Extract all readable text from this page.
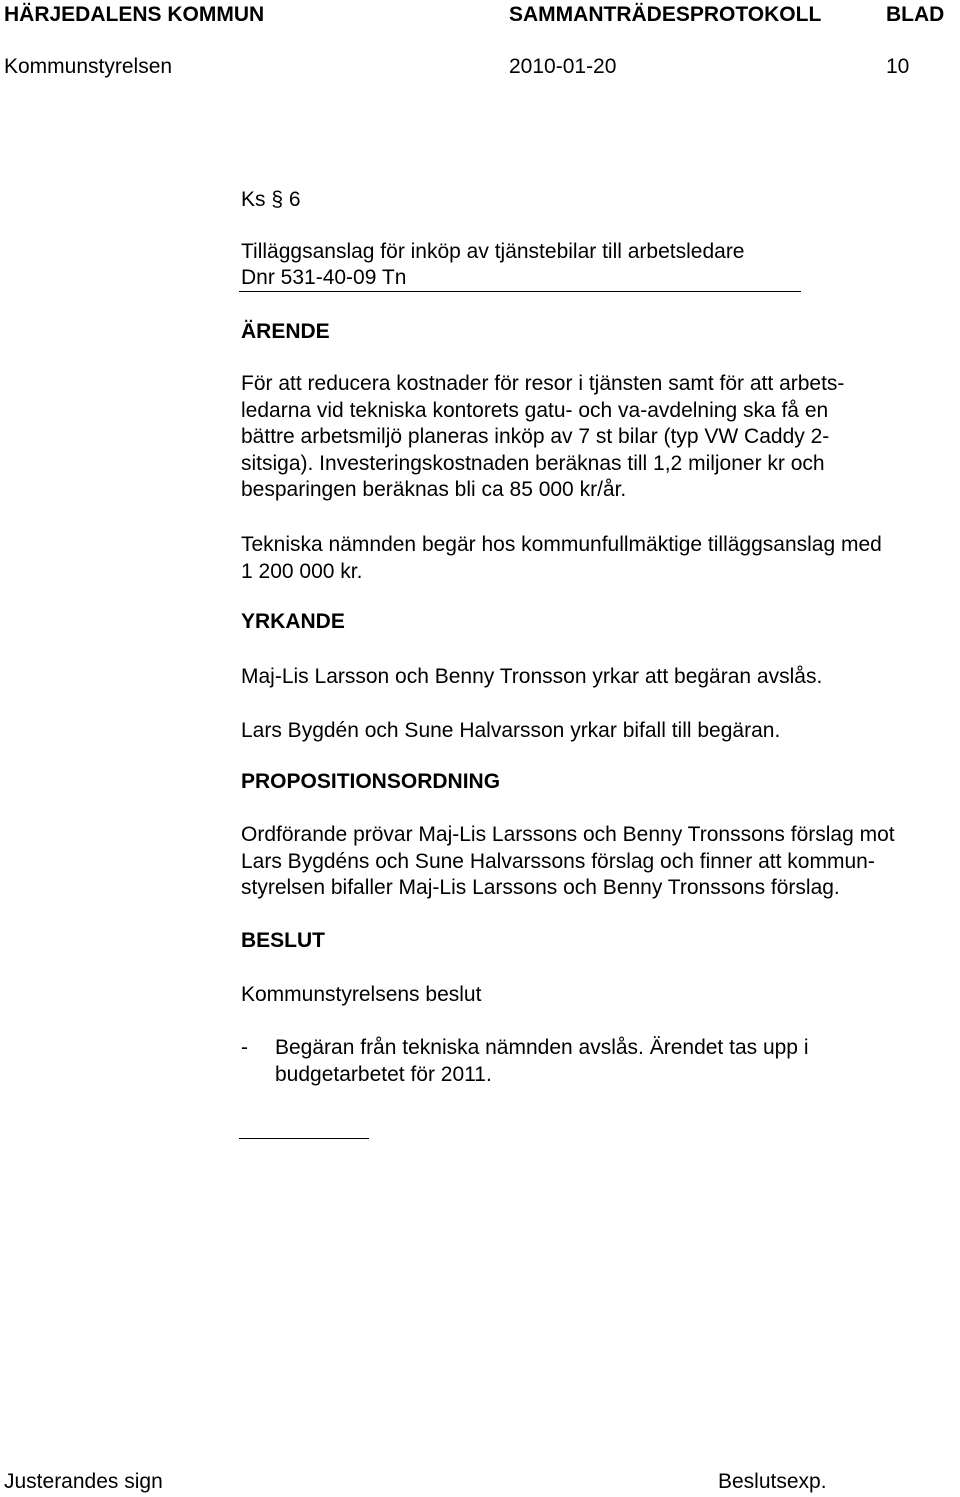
HÄRJEDALENS KOMMUN	SAMMANTRÄDESPROTOKOLL	BLAD
Kommunstyrelsen	2010-01-20	10
Ks § 6
Tilläggsanslag för inköp av tjänstebilar till arbetsledare
Dnr 531-40-09 Tn
ÄRENDE
För att reducera kostnader för resor i tjänsten samt för att arbets-
ledarna vid tekniska kontorets gatu- och va-avdelning ska få en
bättre arbetsmiljö planeras inköp av 7 st bilar (typ VW Caddy 2-
sitsiga). Investeringskostnaden beräknas till 1,2 miljoner kr och
besparingen beräknas bli ca 85 000 kr/år.
Tekniska nämnden begär hos kommunfullmäktige tilläggsanslag med
1 200 000 kr.
YRKANDE
Maj-Lis Larsson och Benny Tronsson yrkar att begäran avslås.
Lars Bygdén och Sune Halvarsson yrkar bifall till begäran.
PROPOSITIONSORDNING
Ordförande prövar Maj-Lis Larssons och Benny Tronssons förslag mot
Lars Bygdéns och Sune Halvarssons förslag och finner att kommun-
styrelsen bifaller Maj-Lis Larssons och Benny Tronssons förslag.
BESLUT
Kommunstyrelsens beslut
- Begäran från tekniska nämnden avslås. Ärendet tas upp i
budgetarbetet för 2011.
Justerandes sign	Beslutsexp.
